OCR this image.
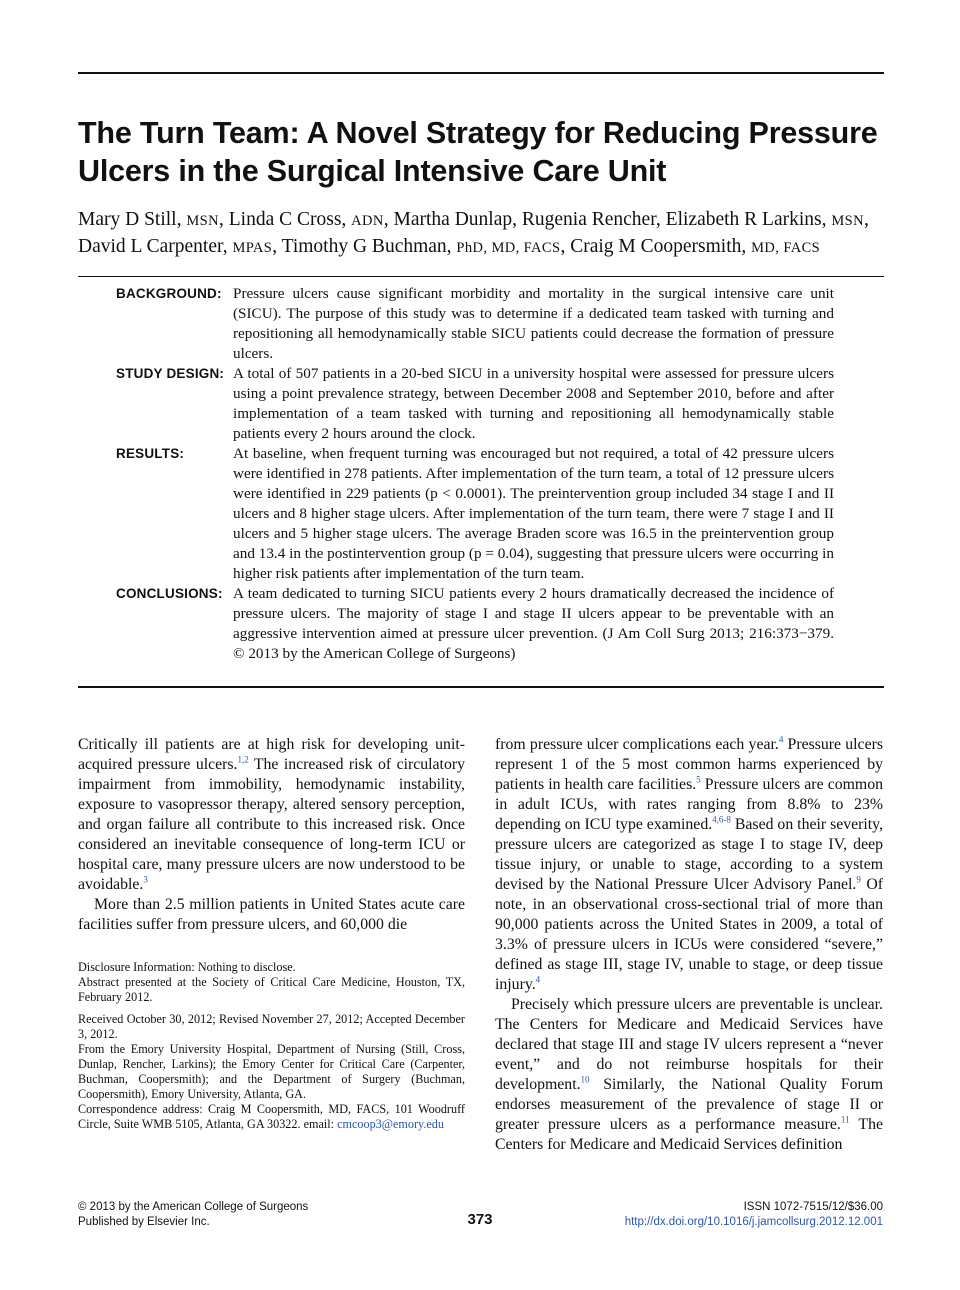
The Turn Team: A Novel Strategy for Reducing Pressure Ulcers in the Surgical Intensive Care Unit
Mary D Still, MSN, Linda C Cross, ADN, Martha Dunlap, Rugenia Rencher, Elizabeth R Larkins, MSN,
David L Carpenter, MPAS, Timothy G Buchman, PhD, MD, FACS, Craig M Coopersmith, MD, FACS
BACKGROUND: Pressure ulcers cause significant morbidity and mortality in the surgical intensive care unit (SICU). The purpose of this study was to determine if a dedicated team tasked with turning and repositioning all hemodynamically stable SICU patients could decrease the formation of pressure ulcers.
STUDY DESIGN: A total of 507 patients in a 20-bed SICU in a university hospital were assessed for pressure ulcers using a point prevalence strategy, between December 2008 and September 2010, before and after implementation of a team tasked with turning and repositioning all hemodynamically stable patients every 2 hours around the clock.
RESULTS:	At baseline, when frequent turning was encouraged but not required, a total of 42 pressure ulcers were identified in 278 patients. After implementation of the turn team, a total of 12 pressure ulcers were identified in 229 patients (p < 0.0001). The preintervention group included 34 stage I and II ulcers and 8 higher stage ulcers. After implementation of the turn team, there were 7 stage I and II ulcers and 5 higher stage ulcers. The average Braden score was 16.5 in the preintervention group and 13.4 in the postintervention group (p = 0.04), suggesting that pressure ulcers were occurring in higher risk patients after implementation of the turn team.
CONCLUSIONS: A team dedicated to turning SICU patients every 2 hours dramatically decreased the incidence of pressure ulcers. The majority of stage I and stage II ulcers appear to be preventable with an aggressive intervention aimed at pressure ulcer prevention. (J Am Coll Surg 2013; 216:373−379. © 2013 by the American College of Surgeons)

Critically ill patients are at high risk for developing unit-acquired pressure ulcers.$^{1,2}$ The increased risk of circulatory impairment from immobility, hemodynamic instability, exposure to vasopressor therapy, altered sensory perception, and organ failure all contribute to this increased risk. Once considered an inevitable consequence of long-term ICU or hospital care, many pressure ulcers are now understood to be avoidable.$^3$

More than 2.5 million patients in United States acute care facilities suffer from pressure ulcers, and 60,000 die

Disclosure Information: Nothing to disclose.

Abstract presented at the Society of Critical Care Medicine, Houston, TX, February 2012.

Received October 30, 2012; Revised November 27, 2012; Accepted December 3, 2012.

From the Emory University Hospital, Department of Nursing (Still, Cross, Dunlap, Rencher, Larkins); the Emory Center for Critical Care (Carpenter, Buchman, Coopersmith); and the Department of Surgery (Buchman, Coopersmith), Emory University, Atlanta, GA.

Correspondence address: Craig M Coopersmith, MD, FACS, 101 Woodruff Circle, Suite WMB 5105, Atlanta, GA 30322. email: cmcoop3@emory.edu

from pressure ulcer complications each year.$^4$ Pressure ulcers represent 1 of the 5 most common harms experienced by patients in health care facilities.$^5$ Pressure ulcers are common in adult ICUs, with rates ranging from 8.8% to 23% depending on ICU type examined.$^{4,6-8}$ Based on their severity, pressure ulcers are categorized as stage I to stage IV, deep tissue injury, or unable to stage, according to a system devised by the National Pressure Ulcer Advisory Panel.$^9$ Of note, in an observational cross-sectional trial of more than 90,000 patients across the United States in 2009, a total of 3.3% of pressure ulcers in ICUs were considered “severe,” defined as stage III, stage IV, unable to stage, or deep tissue injury.$^4$

Precisely which pressure ulcers are preventable is unclear. The Centers for Medicare and Medicaid Services have declared that stage III and stage IV ulcers represent a “never event,” and do not reimburse hospitals for their development.$^{10}$ Similarly, the National Quality Forum endorses measurement of the prevalence of stage II or greater pressure ulcers as a performance measure.$^{11}$ The Centers for Medicare and Medicaid Services definition

© 2013 by the American College of Surgeons
Published by Elsevier Inc.	373
ISSN 1072-7515/12/$36.00
http://dx.doi.org/10.1016/j.jamcollsurg.2012.12.001
